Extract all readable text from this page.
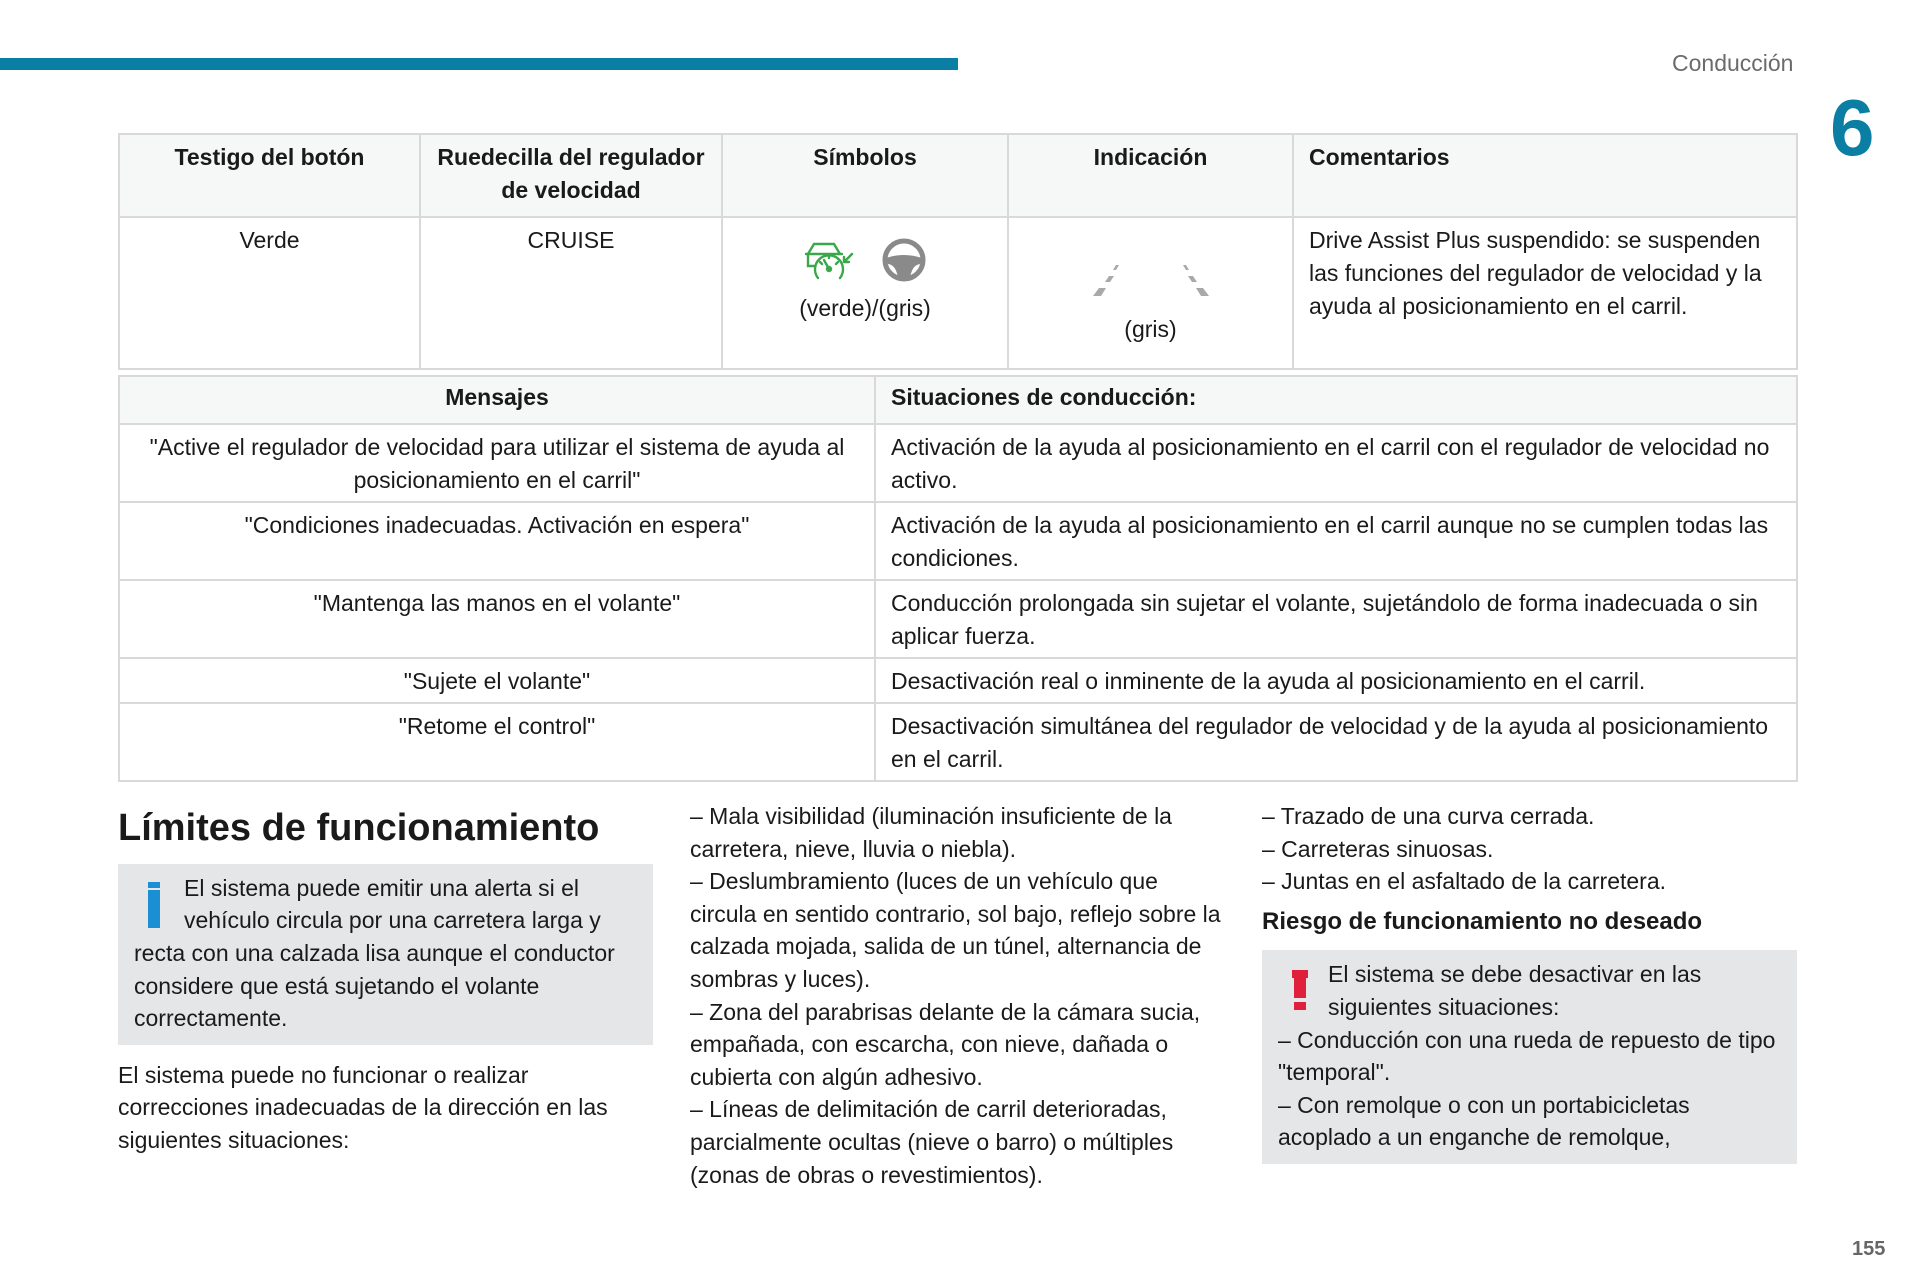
Conducción
6
Testigo del botón	Ruedecilla del regulador de velocidad	Símbolos	Indicación	Comentarios
Verde	CRUISE	(verde)/(gris)	(gris)	Drive Assist Plus suspendido: se suspenden las funciones del regulador de velocidad y la ayuda al posicionamiento en el carril.
Mensajes	Situaciones de conducción:
"Active el regulador de velocidad para utilizar el sistema de ayuda al posicionamiento en el carril"	Activación de la ayuda al posicionamiento en el carril con el regulador de velocidad no activo.
"Condiciones inadecuadas. Activación en espera"	Activación de la ayuda al posicionamiento en el carril aunque no se cumplen todas las condiciones.
"Mantenga las manos en el volante"	Conducción prolongada sin sujetar el volante, sujetándolo de forma inadecuada o sin aplicar fuerza.
"Sujete el volante"	Desactivación real o inminente de la ayuda al posicionamiento en el carril.
"Retome el control"	Desactivación simultánea del regulador de velocidad y de la ayuda al posicionamiento en el carril.
Límites de funcionamiento

El sistema puede emitir una alerta si el vehículo circula por una carretera larga y recta con una calzada lisa aunque el conductor considere que está sujetando el volante correctamente.

El sistema puede no funcionar o realizar correcciones inadecuadas de la dirección en las siguientes situaciones:

– Mala visibilidad (iluminación insuficiente de la carretera, nieve, lluvia o niebla).

– Deslumbramiento (luces de un vehículo que circula en sentido contrario, sol bajo, reflejo sobre la calzada mojada, salida de un túnel, alternancia de sombras y luces).

– Zona del parabrisas delante de la cámara sucia, empañada, con escarcha, con nieve, dañada o cubierta con algún adhesivo.

– Líneas de delimitación de carril deterioradas, parcialmente ocultas (nieve o barro) o múltiples (zonas de obras o revestimientos).

– Trazado de una curva cerrada.

– Carreteras sinuosas.

– Juntas en el asfaltado de la carretera.

Riesgo de funcionamiento no deseado

El sistema se debe desactivar en las siguientes situaciones:

– Conducción con una rueda de repuesto de tipo "temporal".

– Con remolque o con un portabicicletas acoplado a un enganche de remolque,

155
